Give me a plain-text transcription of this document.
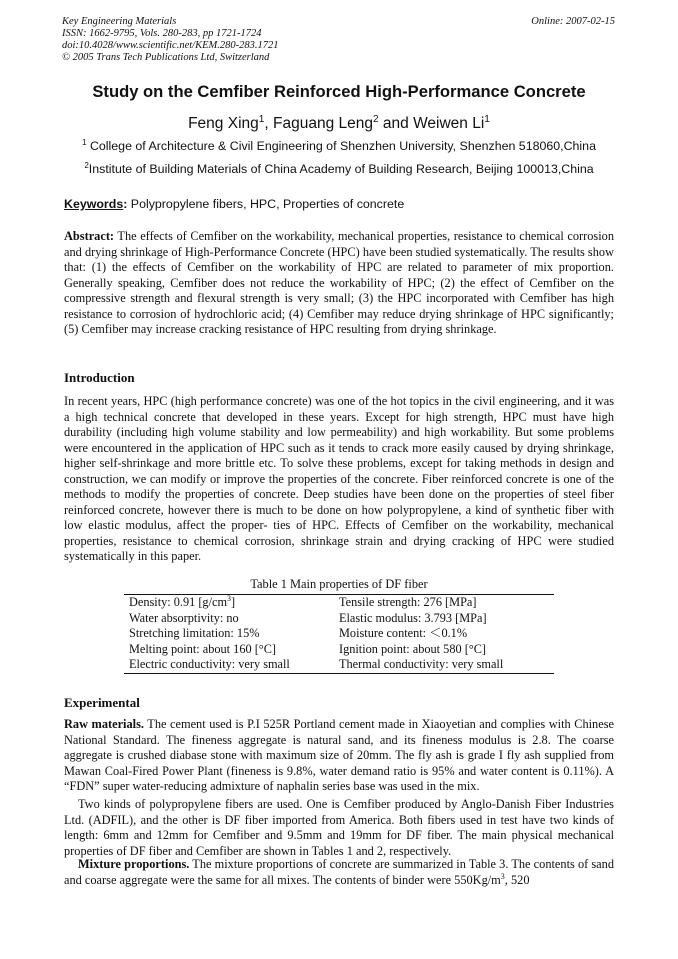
Key Engineering Materials
ISSN: 1662-9795, Vols. 280-283, pp 1721-1724
doi:10.4028/www.scientific.net/KEM.280-283.1721
© 2005 Trans Tech Publications Ltd, Switzerland
Online: 2007-02-15
Study on the Cemfiber Reinforced High-Performance Concrete
Feng Xing$^1$, Faguang Leng$^2$ and Weiwen Li$^1$
$^1$ College of Architecture & Civil Engineering of Shenzhen University, Shenzhen 518060,China
$^2$Institute of Building Materials of China Academy of Building Research, Beijing 100013,China
Keywords: Polypropylene fibers, HPC, Properties of concrete

Abstract: The effects of Cemfiber on the workability, mechanical properties, resistance to chemical corrosion and drying shrinkage of High-Performance Concrete (HPC) have been studied systematically. The results show that: (1) the effects of Cemfiber on the workability of HPC are related to parameter of mix proportion. Generally speaking, Cemfiber does not reduce the workability of HPC; (2) the effect of Cemfiber on the compressive strength and flexural strength is very small; (3) the HPC incorporated with Cemfiber has high resistance to corrosion of hydrochloric acid; (4) Cemfiber may reduce drying shrinkage of HPC significantly; (5) Cemfiber may increase cracking resistance of HPC resulting from drying shrinkage.

Introduction

In recent years, HPC (high performance concrete) was one of the hot topics in the civil engineering, and it was a high technical concrete that developed in these years. Except for high strength, HPC must have high durability (including high volume stability and low permeability) and high workability. But some problems were encountered in the application of HPC such as it tends to crack more easily caused by drying shrinkage, higher self-shrinkage and more brittle etc. To solve these problems, except for taking methods in design and construction, we can modify or improve the properties of the concrete. Fiber reinforced concrete is one of the methods to modify the properties of concrete. Deep studies have been done on the properties of steel fiber reinforced concrete, however there is much to be done on how polypropylene, a kind of synthetic fiber with low elastic modulus, affect the proper- ties of HPC. Effects of Cemfiber on the workability, mechanical properties, resistance to chemical corrosion, shrinkage strain and drying cracking of HPC were studied systematically in this paper.

Table 1 Main properties of DF fiber
Density: 0.91 $[g/cm^3]$	Tensile strength: 276 [MPa]
Water absorptivity: no	Elastic modulus: 3.793 [MPa]
Stretching limitation: 15%	Moisture content: ＜0.1%
Melting point: about 160 [°C]	Ignition point: about 580 [°C]
Electric conductivity: very small	Thermal conductivity: very small
Experimental

Raw materials. The cement used is P.I 525R Portland cement made in Xiaoyetian and complies with Chinese National Standard. The fineness aggregate is natural sand, and its fineness modulus is 2.8. The coarse aggregate is crushed diabase stone with maximum size of 20mm. The fly ash is grade I fly ash supplied from Mawan Coal-Fired Power Plant (fineness is 9.8%, water demand ratio is 95% and water content is 0.11%). A “FDN” super water-reducing admixture of naphalin series base was used in the mix.

Two kinds of polypropylene fibers are used. One is Cemfiber produced by Anglo-Danish Fiber Industries Ltd. (ADFIL), and the other is DF fiber imported from America. Both fibers used in test have two kinds of length: 6mm and 12mm for Cemfiber and 9.5mm and 19mm for DF fiber. The main physical mechanical properties of DF fiber and Cemfiber are shown in Tables 1 and 2, respectively.

Mixture proportions. The mixture proportions of concrete are summarized in Table 3. The contents of sand and coarse aggregate were the same for all mixes. The contents of binder were $550Kg/m^3$, 520
